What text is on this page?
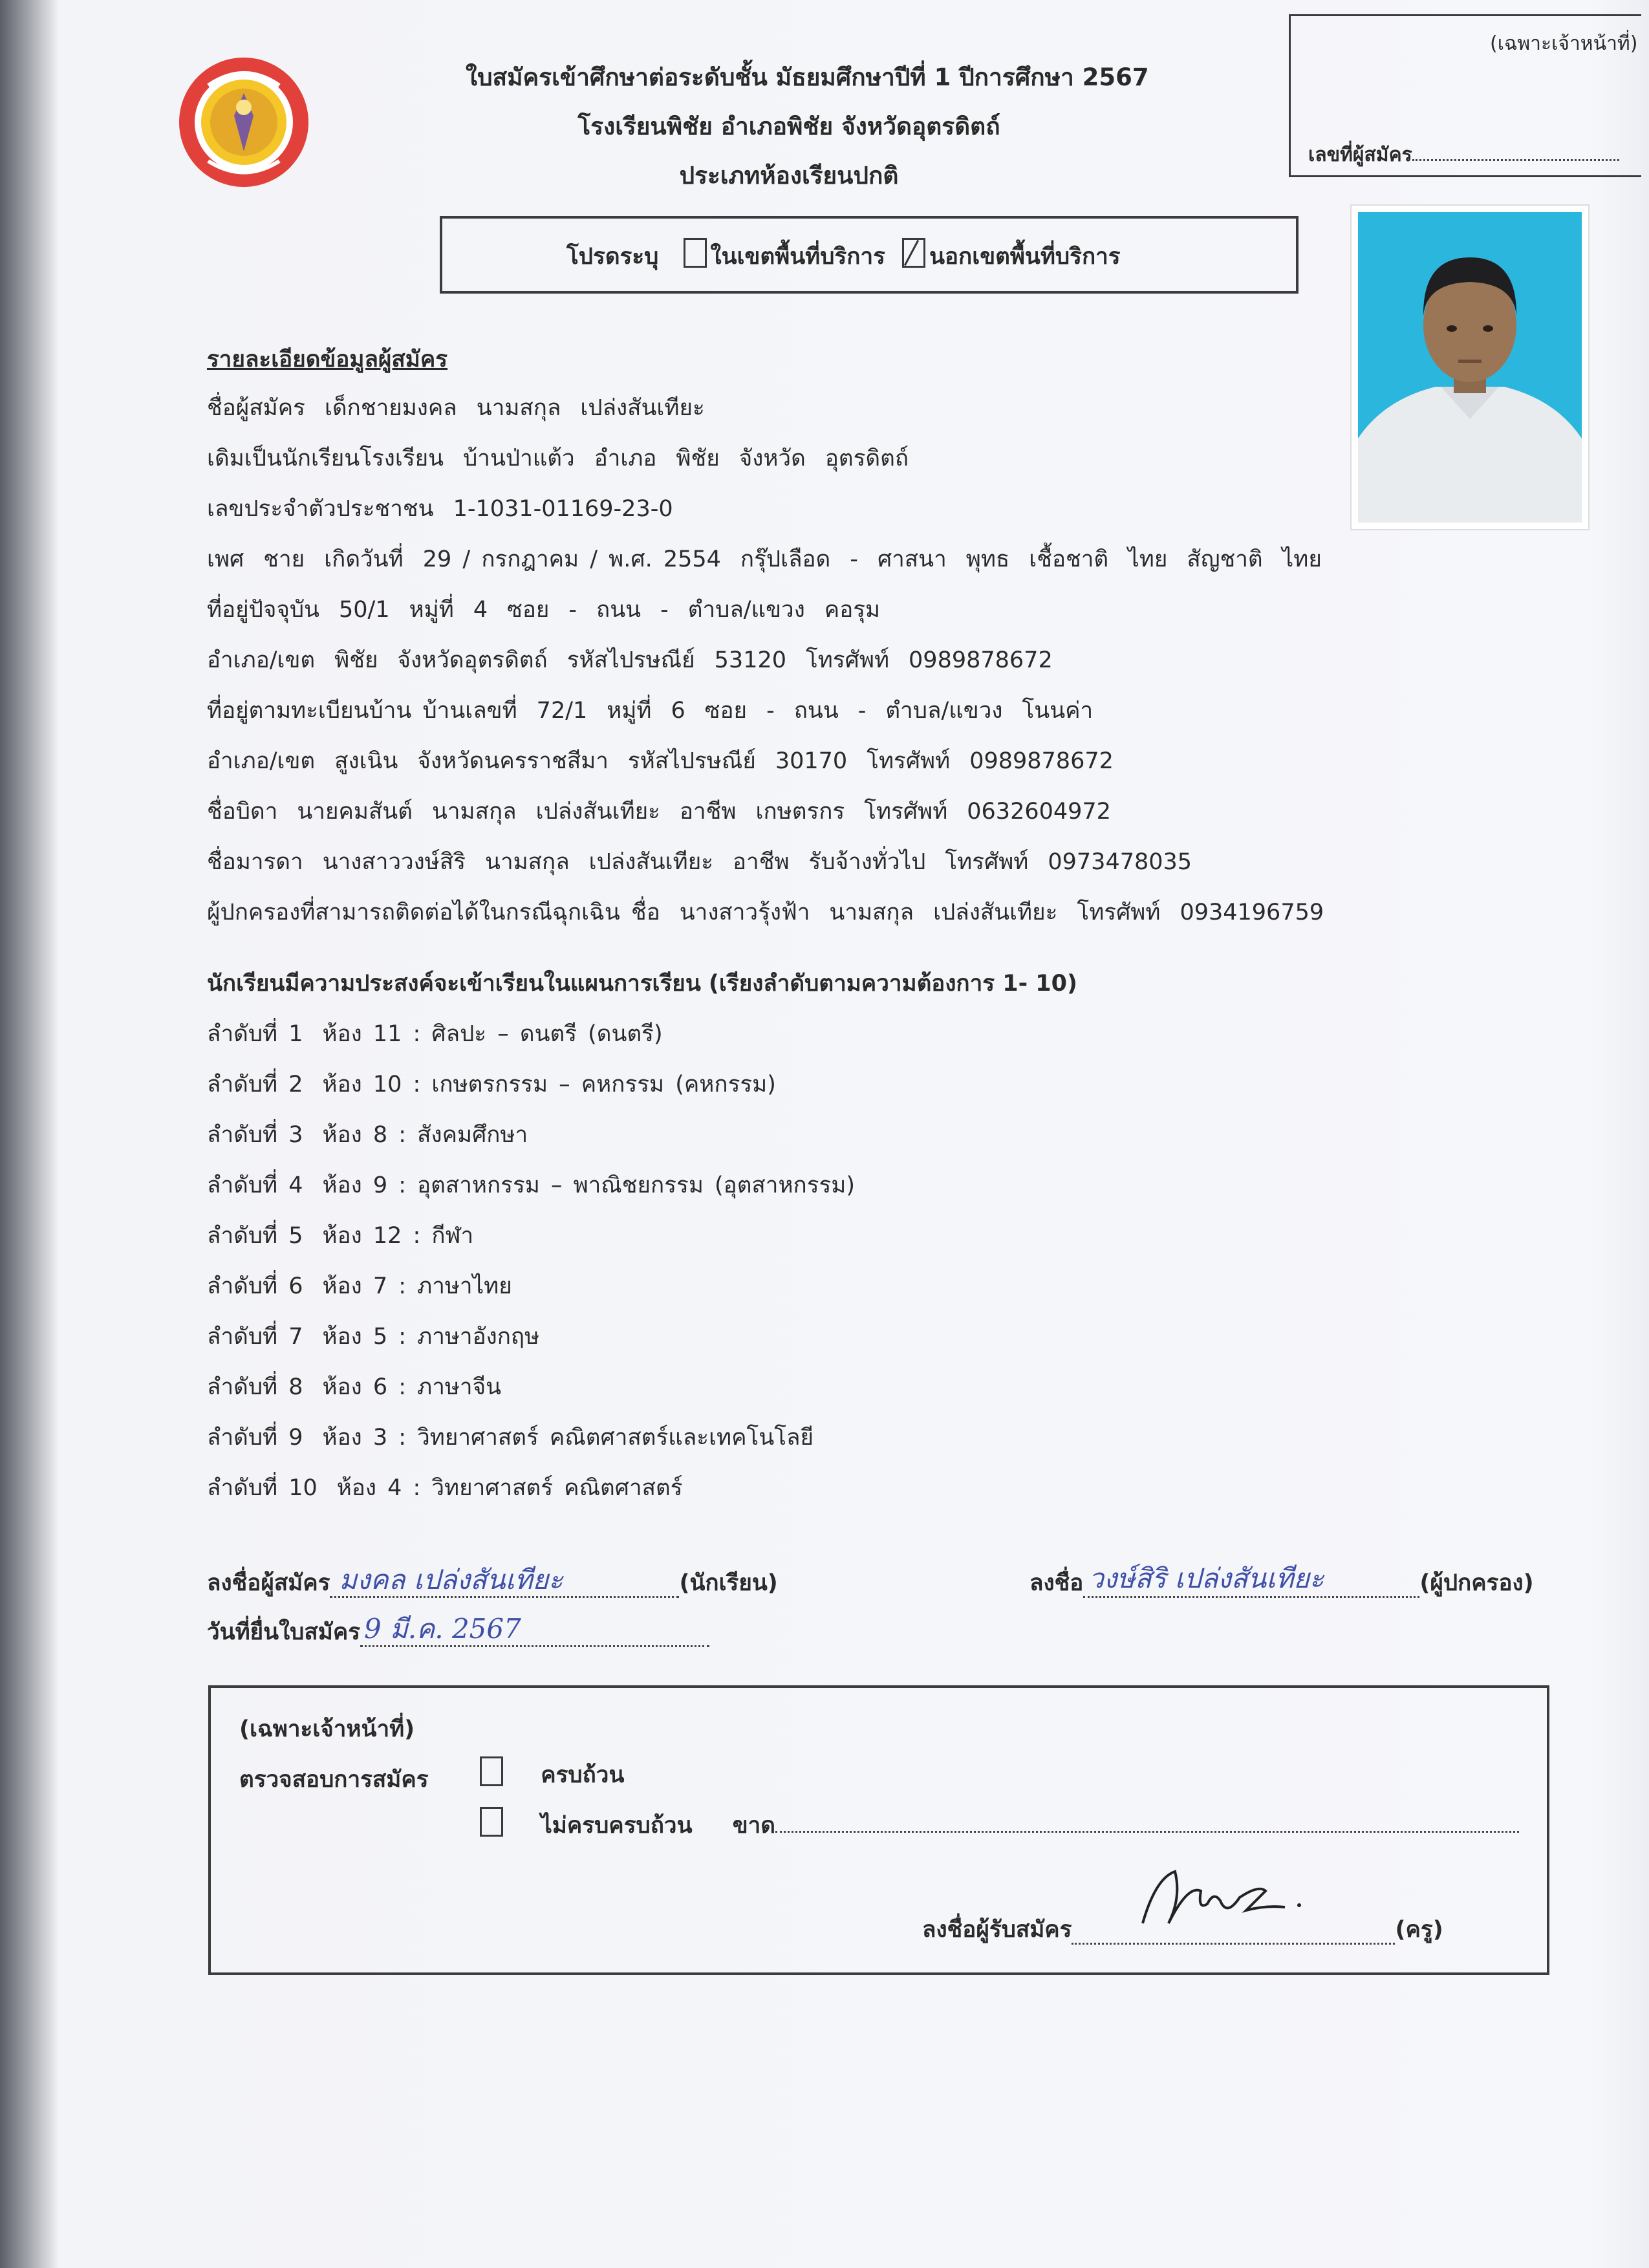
(เฉพาะเจ้าหน้าที่)
เลขที่ผู้สมัคร
ใบสมัครเข้าศึกษาต่อระดับชั้น มัธยมศึกษาปีที่ 1 ปีการศึกษา 2567
โรงเรียนพิชัย อำเภอพิชัย จังหวัดอุตรดิตถ์
ประเภทห้องเรียนปกติ
โปรดระบุ ในเขตพื้นที่บริการ นอกเขตพื้นที่บริการ
รายละเอียดข้อมูลผู้สมัคร
ชื่อผู้สมัคร เด็กชายมงคล นามสกุล เปล่งสันเทียะ
เดิมเป็นนักเรียนโรงเรียน บ้านป่าแต้ว อำเภอ พิชัย จังหวัด อุตรดิตถ์
เลขประจำตัวประชาชน 1-1031-01169-23-0
เพศ ชาย เกิดวันที่ 29 / กรกฎาคม / พ.ศ. 2554 กรุ๊ปเลือด - ศาสนา พุทธ เชื้อชาติ ไทย สัญชาติ ไทย
ที่อยู่ปัจจุบัน 50/1 หมู่ที่ 4 ซอย - ถนน - ตำบล/แขวง คอรุม
อำเภอ/เขต พิชัย จังหวัดอุตรดิตถ์ รหัสไปรษณีย์ 53120 โทรศัพท์ 0989878672
ที่อยู่ตามทะเบียนบ้าน บ้านเลขที่ 72/1 หมู่ที่ 6 ซอย - ถนน - ตำบล/แขวง โนนค่า
อำเภอ/เขต สูงเนิน จังหวัดนครราชสีมา รหัสไปรษณีย์ 30170 โทรศัพท์ 0989878672
ชื่อบิดา นายคมสันต์ นามสกุล เปล่งสันเทียะ อาชีพ เกษตรกร โทรศัพท์ 0632604972
ชื่อมารดา นางสาววงษ์สิริ นามสกุล เปล่งสันเทียะ อาชีพ รับจ้างทั่วไป โทรศัพท์ 0973478035
ผู้ปกครองที่สามารถติดต่อได้ในกรณีฉุกเฉิน ชื่อ นางสาวรุ้งฟ้า นามสกุล เปล่งสันเทียะ โทรศัพท์ 0934196759
นักเรียนมีความประสงค์จะเข้าเรียนในแผนการเรียน (เรียงลำดับตามความต้องการ 1- 10)
ลำดับที่ 1 ห้อง 11 : ศิลปะ – ดนตรี (ดนตรี)
ลำดับที่ 2 ห้อง 10 : เกษตรกรรม – คหกรรม (คหกรรม)
ลำดับที่ 3 ห้อง 8 : สังคมศึกษา
ลำดับที่ 4 ห้อง 9 : อุตสาหกรรม – พาณิชยกรรม (อุตสาหกรรม)
ลำดับที่ 5 ห้อง 12 : กีฬา
ลำดับที่ 6 ห้อง 7 : ภาษาไทย
ลำดับที่ 7 ห้อง 5 : ภาษาอังกฤษ
ลำดับที่ 8 ห้อง 6 : ภาษาจีน
ลำดับที่ 9 ห้อง 3 : วิทยาศาสตร์ คณิตศาสตร์และเทคโนโลยี
ลำดับที่ 10 ห้อง 4 : วิทยาศาสตร์ คณิตศาสตร์
ลงชื่อผู้สมัคร มงคล เปล่งสันเทียะ	(นักเรียน)	ลงชื่อ วงษ์สิริ เปล่งสันเทียะ	(ผู้ปกครอง)
วันที่ยื่นใบสมัคร 9 มี.ค. 2567

(เฉพาะเจ้าหน้าที่)
ตรวจสอบการสมัคร	ครบถ้วน
ไม่ครบครบถ้วน ขาด
ลงชื่อผู้รับสมัคร	(ครู)
